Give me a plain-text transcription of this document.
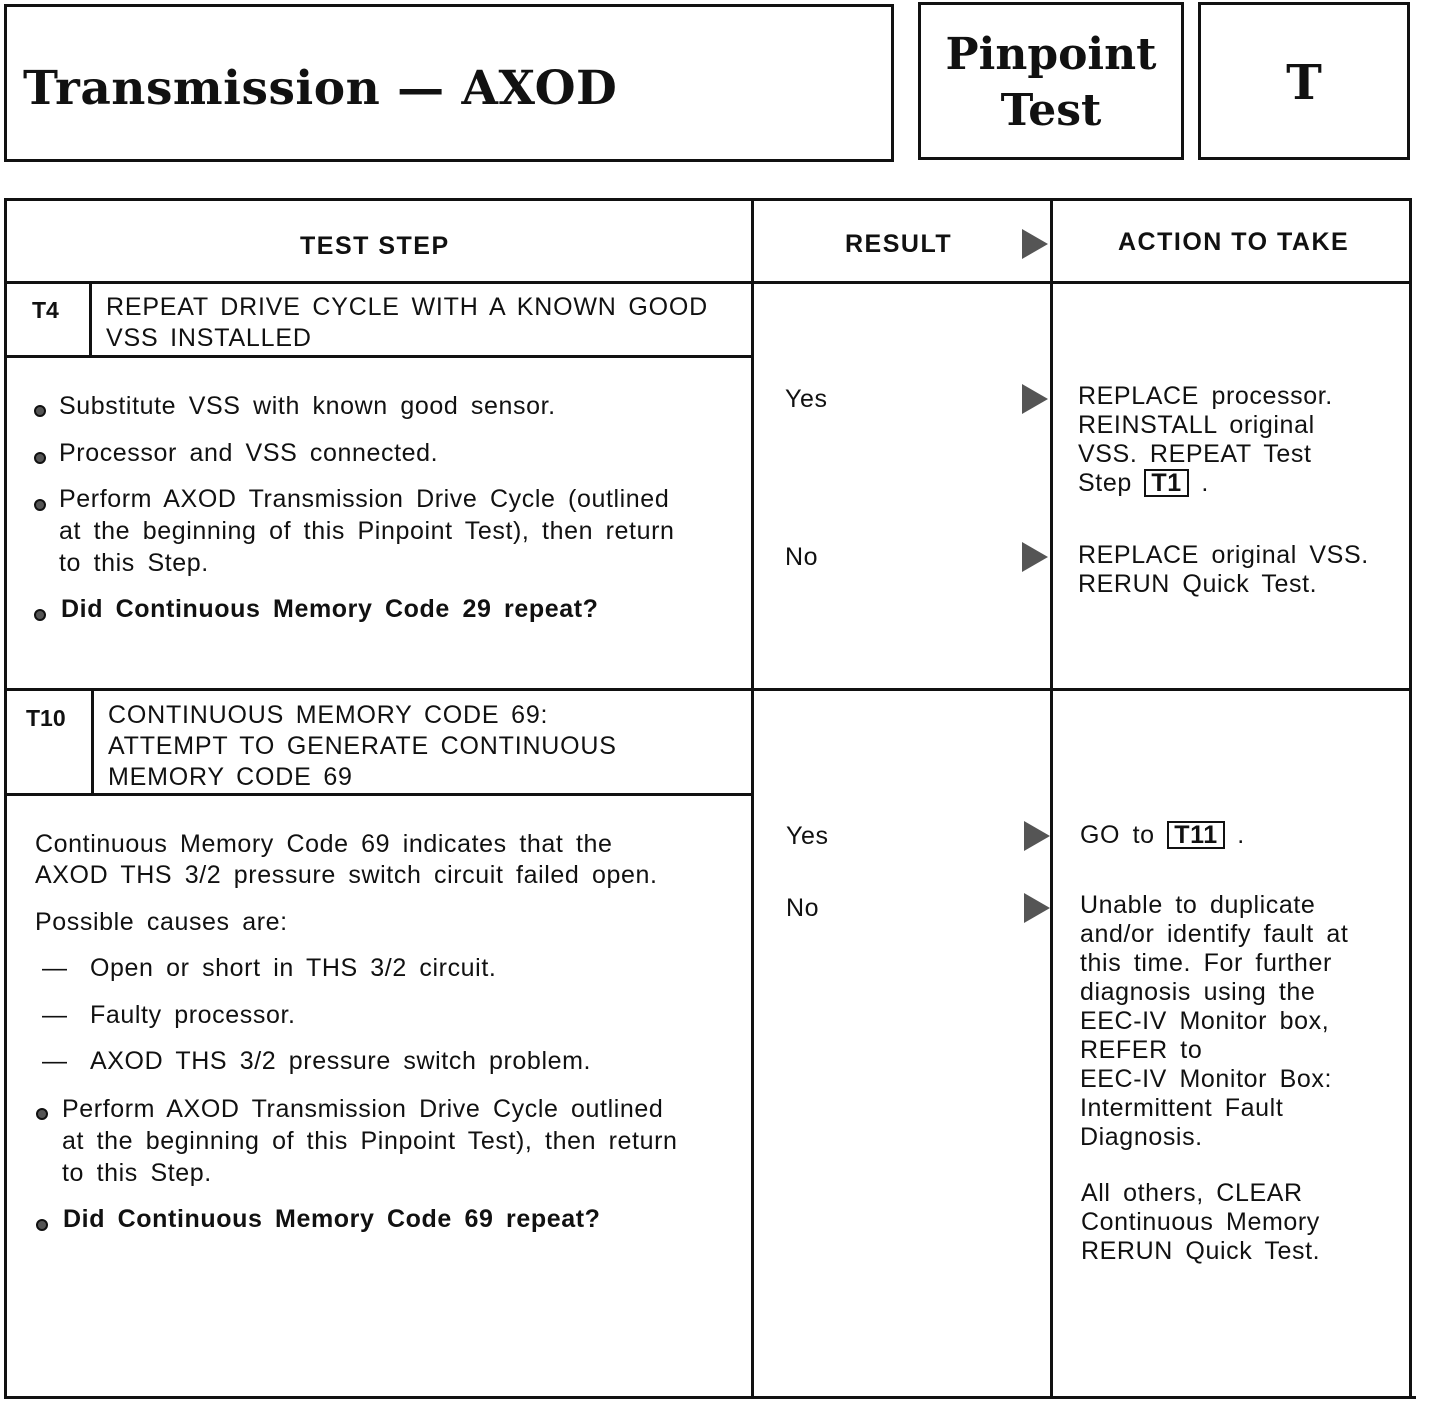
Transmission — AXOD
Pinpoint
Test	T
TEST STEP	RESULT	ACTION TO TAKE
T4 REPEAT DRIVE CYCLE WITH A KNOWN GOOD
VSS INSTALLED
Substitute VSS with known good sensor.
Processor and VSS connected.
Perform AXOD Transmission Drive Cycle (outlined
at the beginning of this Pinpoint Test), then return
to this Step.
Did Continuous Memory Code 29 repeat?
Yes	REPLACE processor.
REINSTALL original
VSS. REPEAT Test
Step T1 .
No	REPLACE original VSS.
RERUN Quick Test.
T10 CONTINUOUS MEMORY CODE 69:
ATTEMPT TO GENERATE CONTINUOUS
MEMORY CODE 69
Continuous Memory Code 69 indicates that the
AXOD THS 3/2 pressure switch circuit failed open.
Possible causes are:
— Open or short in THS 3/2 circuit.
— Faulty processor.
— AXOD THS 3/2 pressure switch problem.
Perform AXOD Transmission Drive Cycle outlined
at the beginning of this Pinpoint Test), then return
to this Step.
Did Continuous Memory Code 69 repeat?
Yes	GO to T11 .
No	Unable to duplicate
and/or identify fault at
this time. For further
diagnosis using the
EEC-IV Monitor box,
REFER to
EEC-IV Monitor Box:
Intermittent Fault
Diagnosis.
All others, CLEAR
Continuous Memory
RERUN Quick Test.
